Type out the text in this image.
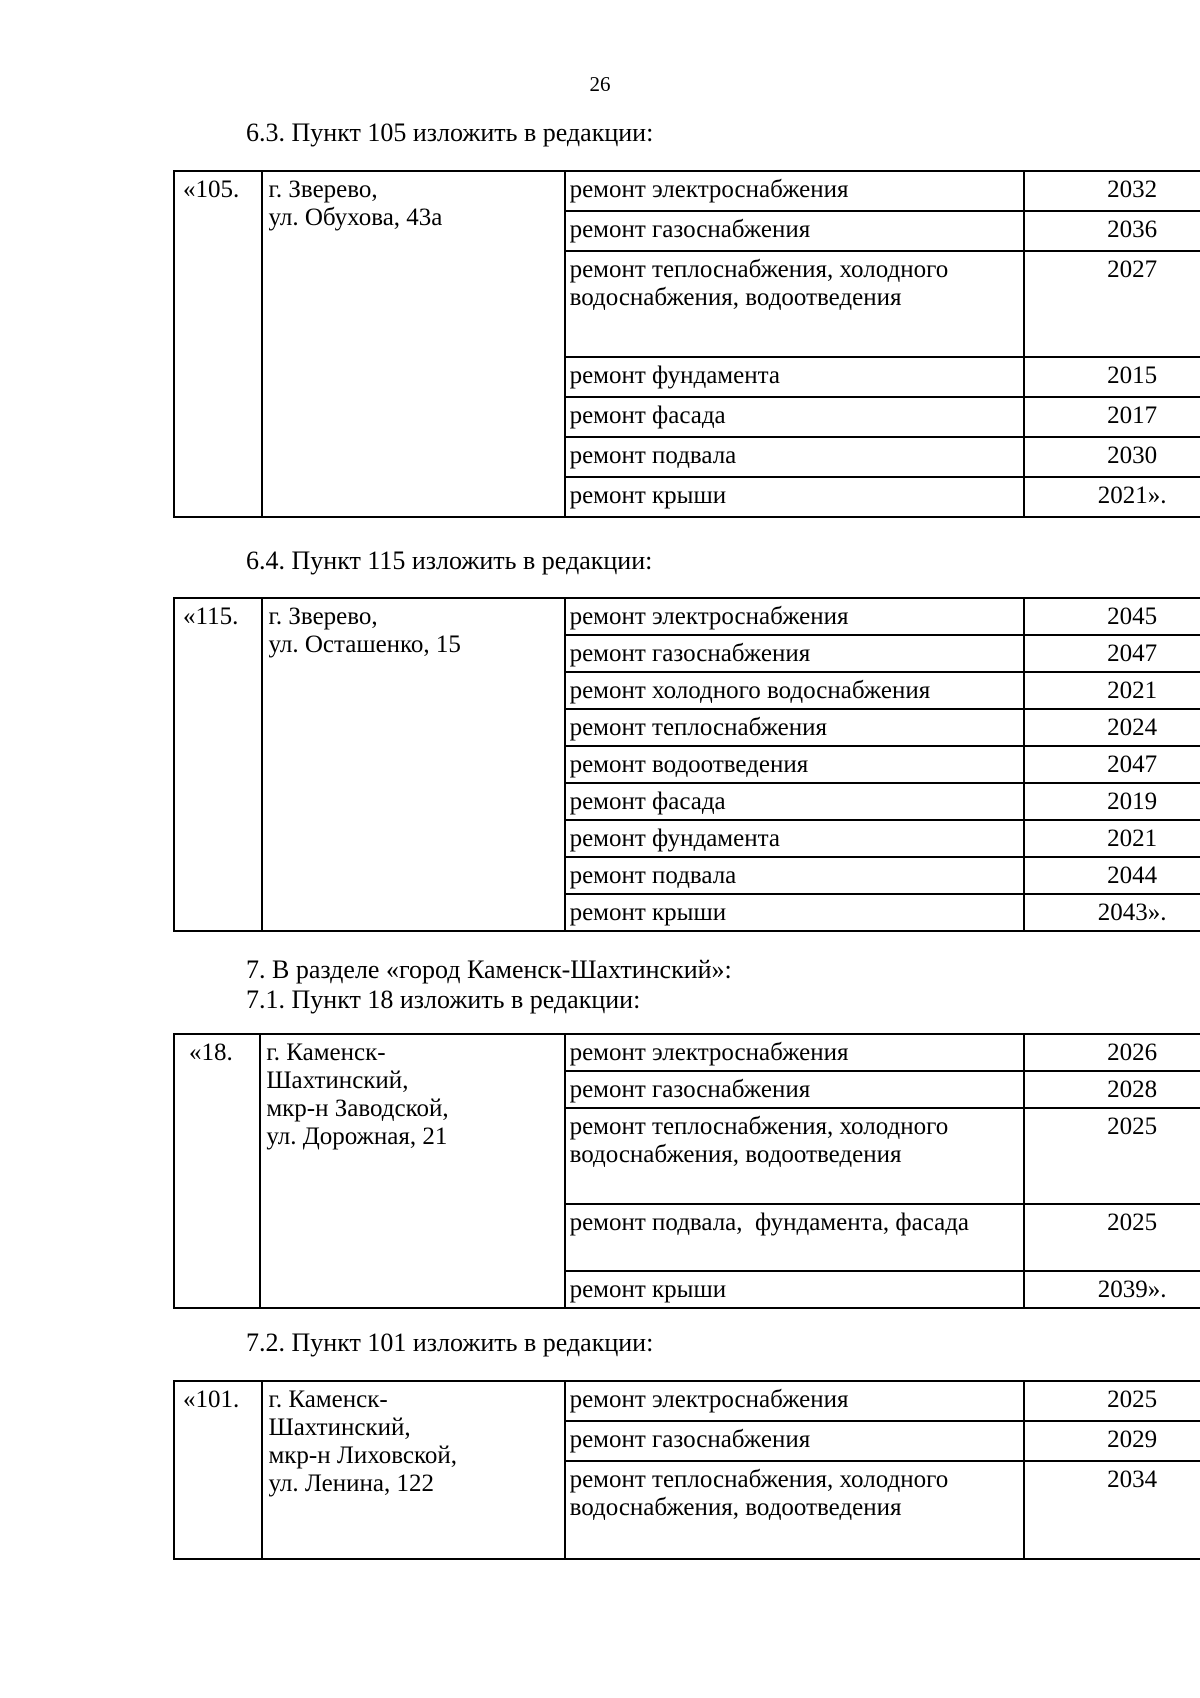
26
6.3. Пункт 105 изложить в редакции:
«105.	г. Зверево,
ул. Обухова, 43а	ремонт электроснабжения	2032
		ремонт газоснабжения	2036
		ремонт теплоснабжения, холодного водоснабжения, водоотведения	2027
		ремонт фундамента	2015
		ремонт фасада	2017
		ремонт подвала	2030
		ремонт крыши	2021».
6.4. Пункт 115 изложить в редакции:
«115.	г. Зверево,
ул. Осташенко, 15	ремонт электроснабжения	2045
		ремонт газоснабжения	2047
		ремонт холодного водоснабжения	2021
		ремонт теплоснабжения	2024
		ремонт водоотведения	2047
		ремонт фасада	2019
		ремонт фундамента	2021
		ремонт подвала	2044
		ремонт крыши	2043».
7. В разделе «город Каменск-Шахтинский»:
7.1. Пункт 18 изложить в редакции:
«18.	г. Каменск-
Шахтинский,
мкр-н Заводской,
ул. Дорожная, 21	ремонт электроснабжения	2026
		ремонт газоснабжения	2028
		ремонт теплоснабжения, холодного водоснабжения, водоотведения	2025
		ремонт подвала,  фундамента, фасада	2025
		ремонт крыши	2039».
7.2. Пункт 101 изложить в редакции:
«101.	г. Каменск-
Шахтинский,
мкр-н Лиховской,
ул. Ленина, 122	ремонт электроснабжения	2025
		ремонт газоснабжения	2029
		ремонт теплоснабжения, холодного водоснабжения, водоотведения	2034
